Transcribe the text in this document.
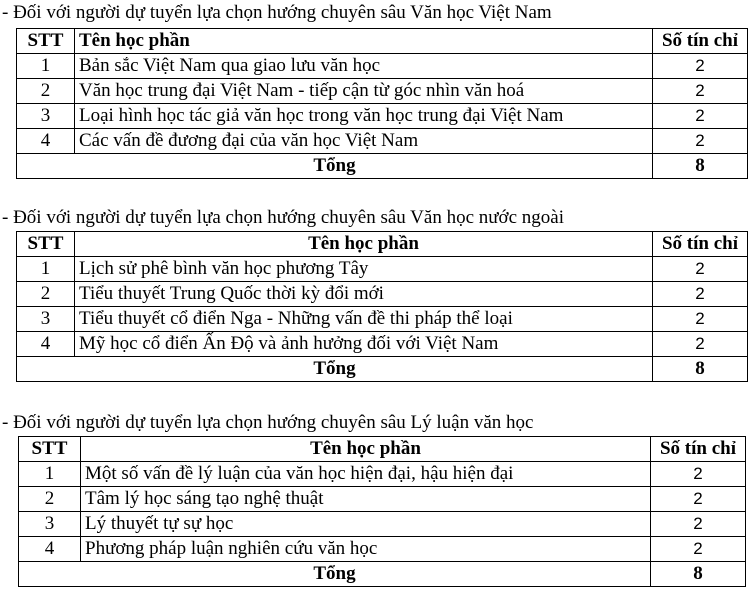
- Đối với người dự tuyển lựa chọn hướng chuyên sâu Văn học Việt Nam
STT	Tên học phần	Số tín chỉ
1	Bản sắc Việt Nam qua giao lưu văn học	2
2	Văn học trung đại Việt Nam - tiếp cận từ góc nhìn văn hoá	2
3	Loại hình học tác giả văn học trong văn học trung đại Việt Nam	2
4	Các vấn đề đương đại của văn học Việt Nam	2
Tổng		8
- Đối với người dự tuyển lựa chọn hướng chuyên sâu Văn học nước ngoài
STT	Tên học phần	Số tín chỉ
1	Lịch sử phê bình văn học phương Tây	2
2	Tiểu thuyết Trung Quốc thời kỳ đổi mới	2
3	Tiểu thuyết cổ điển Nga - Những vấn đề thi pháp thể loại	2
4	Mỹ học cổ điển Ấn Độ và ảnh hưởng đối với Việt Nam	2
Tổng		8
- Đối với người dự tuyển lựa chọn hướng chuyên sâu Lý luận văn học
STT	Tên học phần	Số tín chỉ
1	Một số vấn đề lý luận của văn học hiện đại, hậu hiện đại	2
2	Tâm lý học sáng tạo nghệ thuật	2
3	Lý thuyết tự sự học	2
4	Phương pháp luận nghiên cứu văn học	2
Tổng		8
